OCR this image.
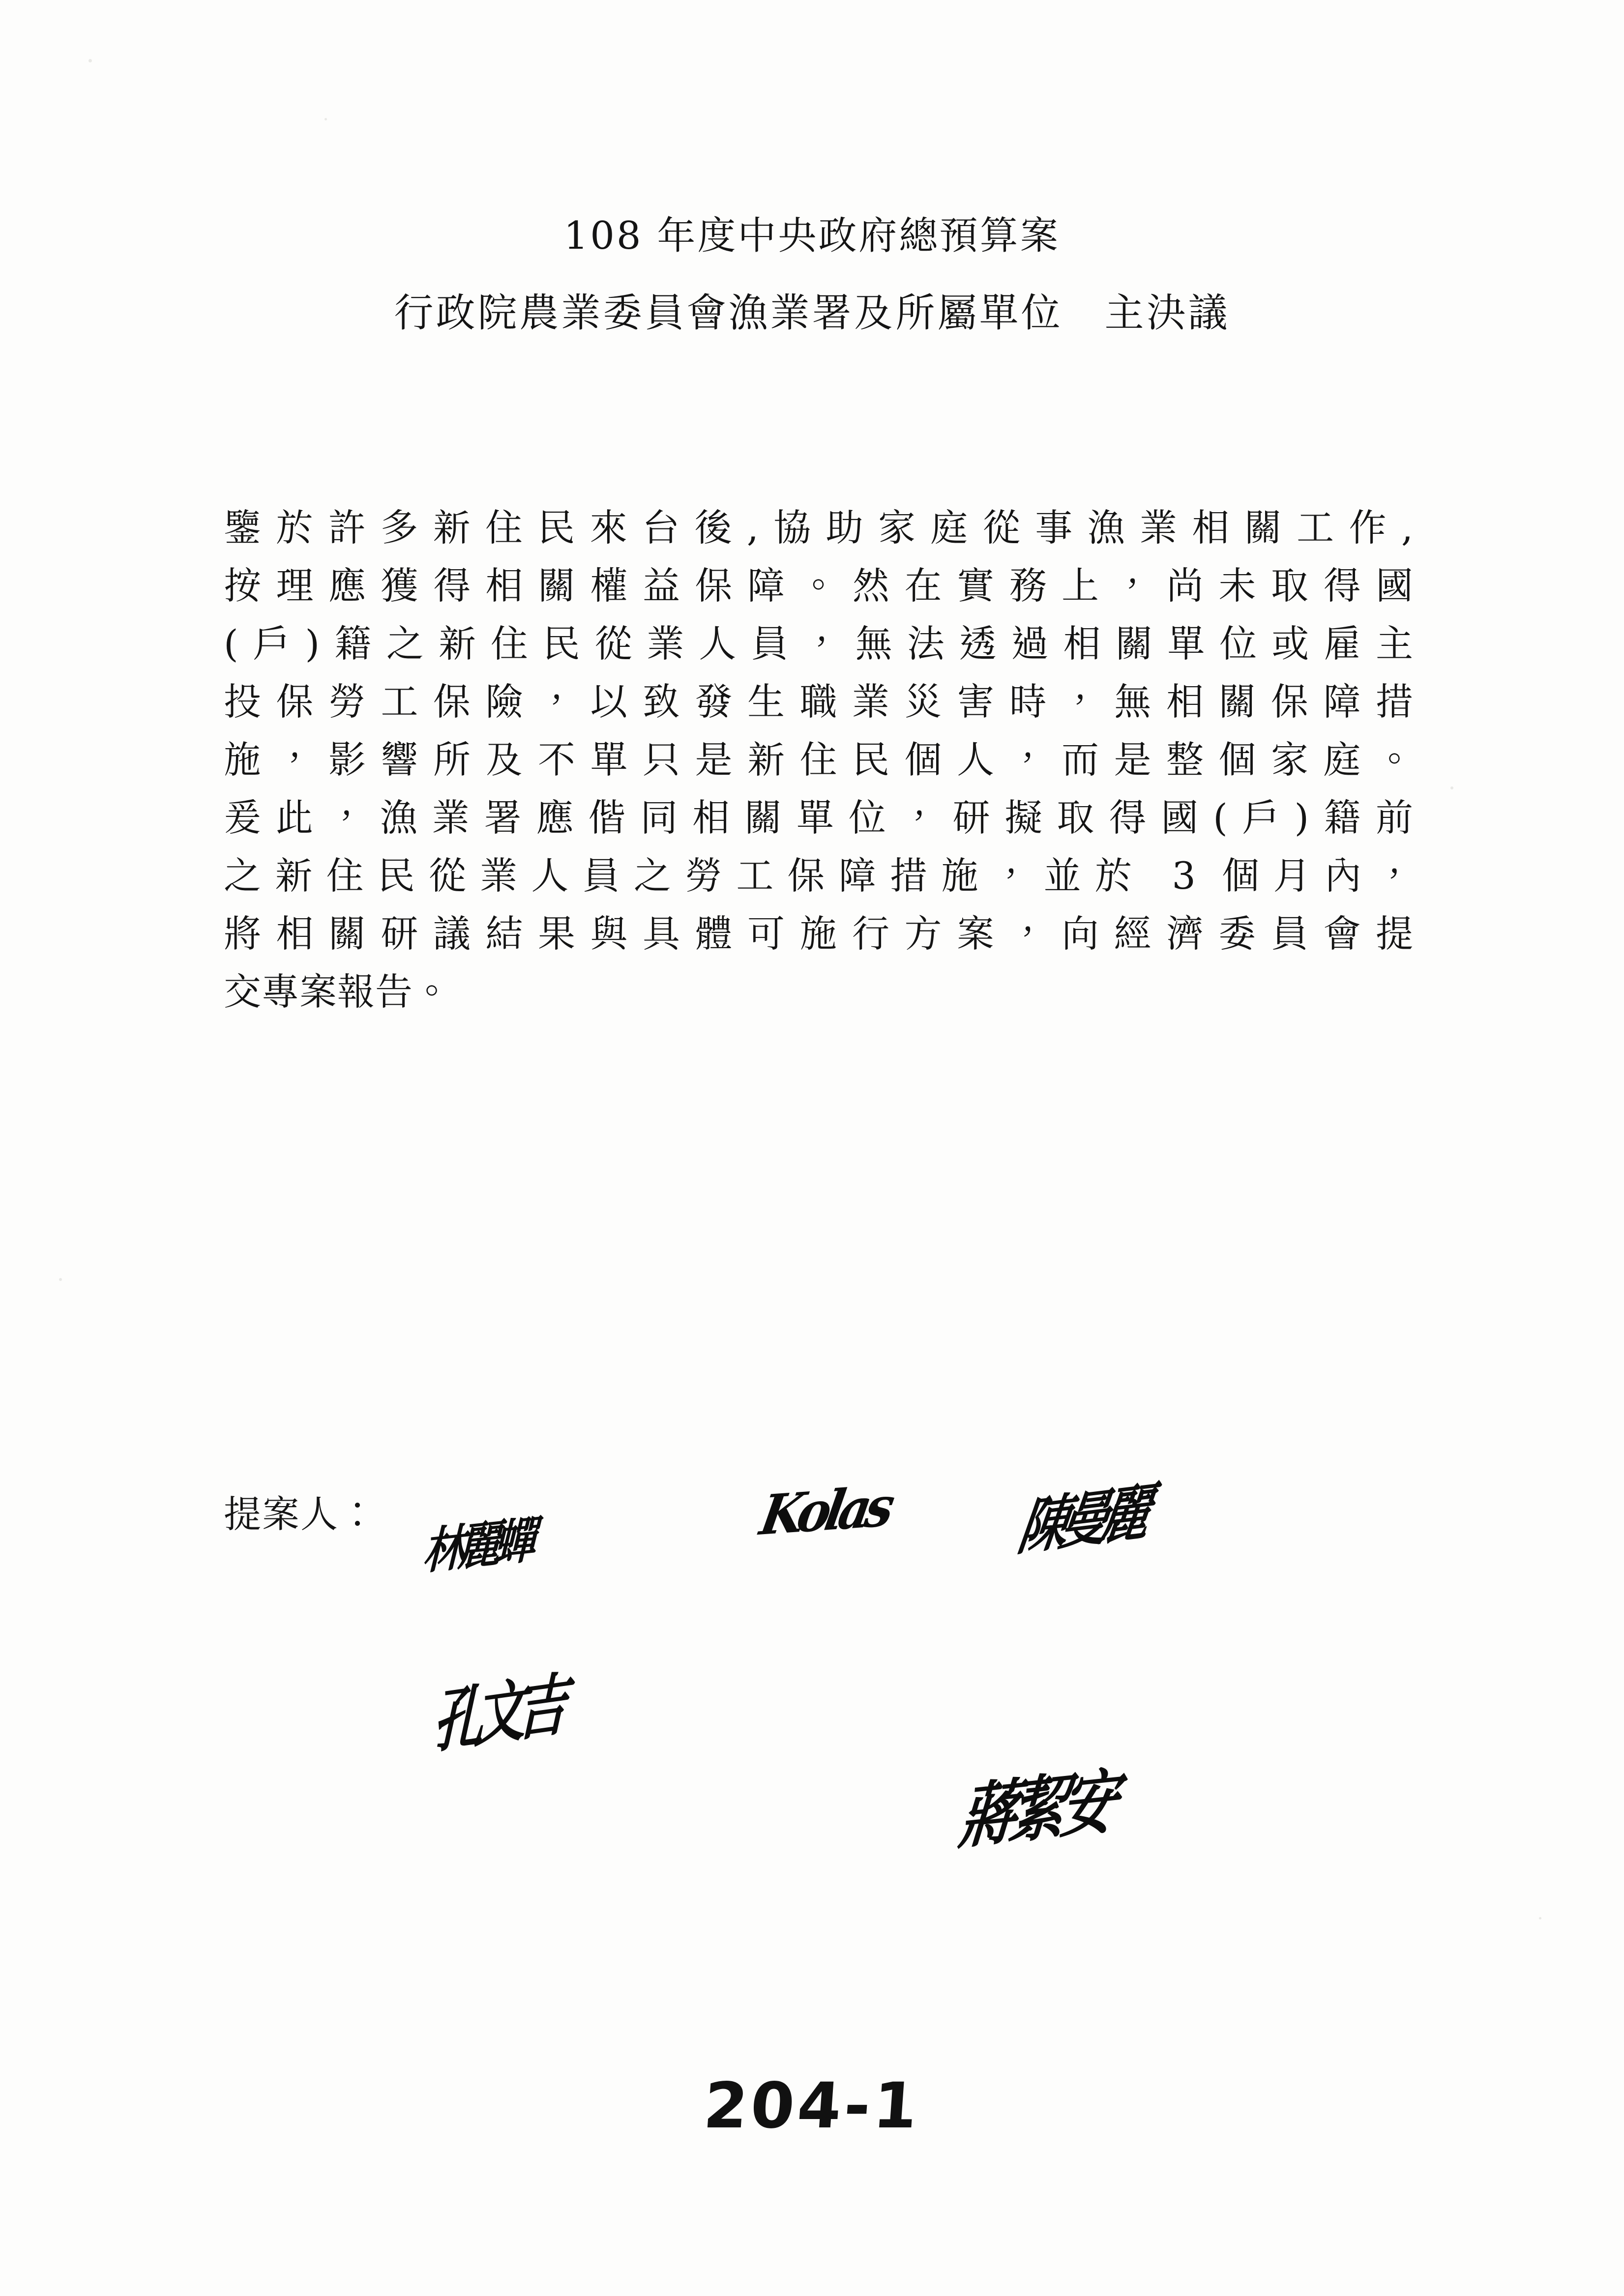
108 年度中央政府總預算案
行政院農業委員會漁業署及所屬單位　主決議
鑒於許多新住民來台後,協助家庭從事漁業相關工作,
按理應獲得相關權益保障。然在實務上，尚未取得國
(戶)籍之新住民從業人員，無法透過相關單位或雇主
投保勞工保險，以致發生職業災害時，無相關保障措
施，影響所及不單只是新住民個人，而是整個家庭。
爰此，漁業署應偕同相關單位，研擬取得國(戶)籍前
之新住民從業人員之勞工保障措施，並於 3 個月內，
將相關研議結果與具體可施行方案，向經濟委員會提
交專案報告。
提案人： 林麗蟬	Kolas	陳曼麗
孔文吉
蔣絜安
204-1
